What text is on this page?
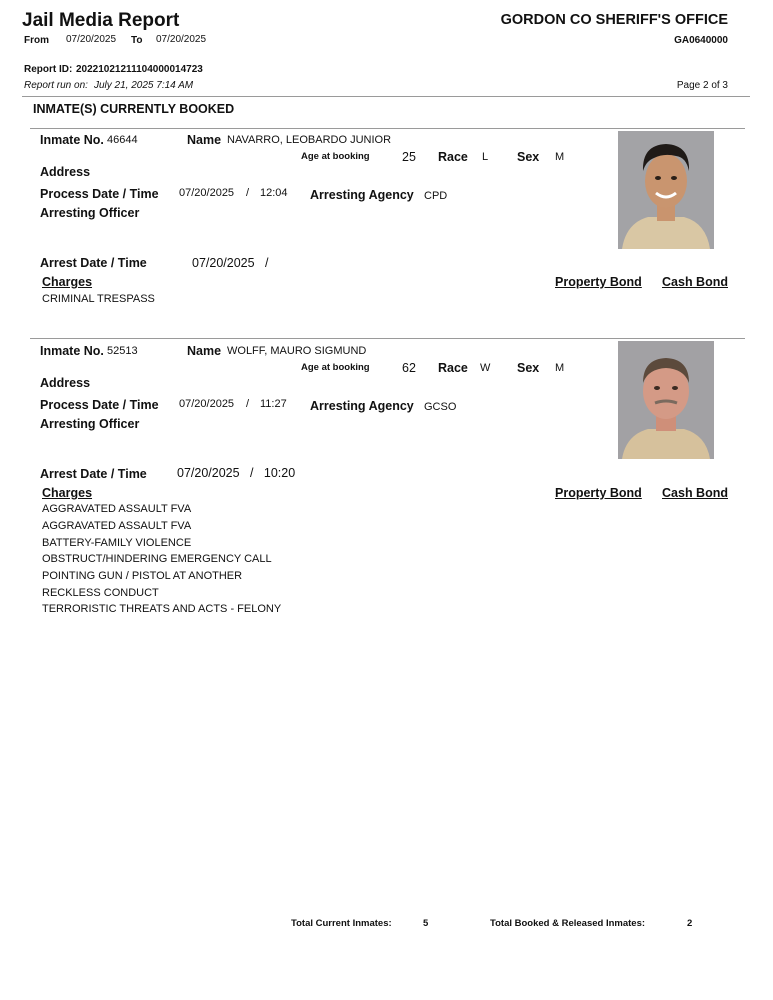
Jail Media Report	GORDON CO SHERIFF'S OFFICE
From 07/20/2025 To 07/20/2025	GA0640000
Report ID: 20221021211104000014723
Report run on: July 21, 2025 7:14 AM	Page 2 of 3
INMATE(S) CURRENTLY BOOKED
Inmate No. 46644	Name NAVARRO, LEOBARDO JUNIOR
Age at booking	25 Race L Sex M
Address
Process Date / Time 07/20/2025 / 12:04 Arresting Agency CPD
Arresting Officer
Arrest Date / Time	07/20/2025   /
Charges	Property Bond Cash Bond
CRIMINAL TRESPASS
Inmate No. 52513	Name WOLFF, MAURO SIGMUND
Age at booking	62 Race W Sex M
Address
Process Date / Time 07/20/2025 / 11:27 Arresting Agency GCSO
Arresting Officer
Arrest Date / Time 07/20/2025   /   10:20
Charges	Property Bond Cash Bond
AGGRAVATED ASSAULT FVA
AGGRAVATED ASSAULT FVA
BATTERY-FAMILY VIOLENCE
OBSTRUCT/HINDERING EMERGENCY CALL
POINTING GUN / PISTOL AT ANOTHER
RECKLESS CONDUCT
TERRORISTIC THREATS AND ACTS - FELONY
Total Current Inmates:	5	Total Booked & Released Inmates:	2
